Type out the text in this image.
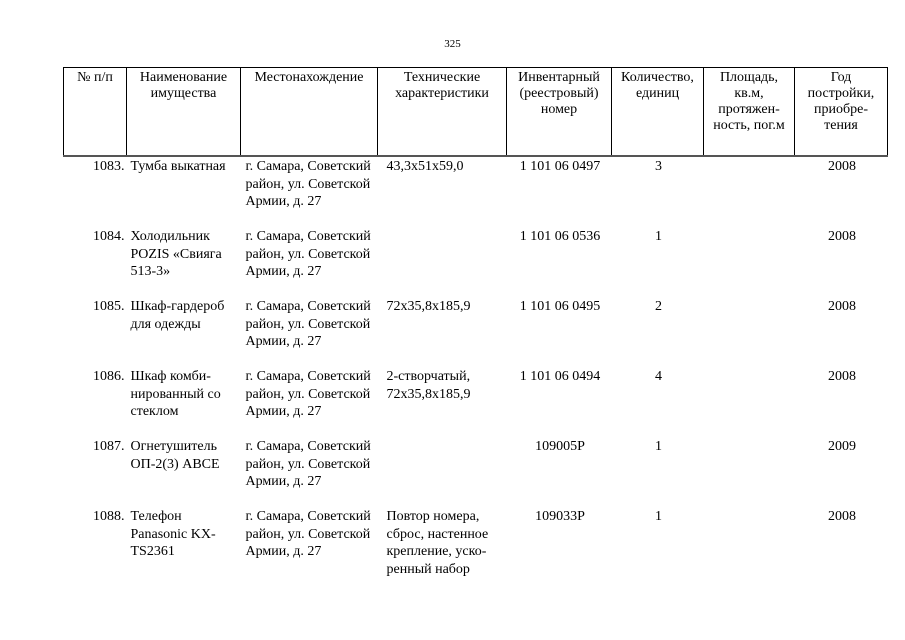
325
№ п/п	Наименование имущества	Местонахождение	Технические характеристики	Инвентарный (реестровый) номер	Количество, единиц	Площадь, кв.м, протяжен-ность, пог.м	Год постройки, приобре-тения
1083.	Тумба выкатная	г. Самара, Советский район, ул. Советской Армии, д. 27	43,3х51х59,0	1 101 06 0497	3		2008
1084.	Холодильник POZIS «Свияга 513-3»	г. Самара, Советский район, ул. Советской Армии, д. 27		1 101 06 0536	1		2008
1085.	Шкаф-гардероб для одежды	г. Самара, Советский район, ул. Советской Армии, д. 27	72х35,8х185,9	1 101 06 0495	2		2008
1086.	Шкаф комби-нированный со стеклом	г. Самара, Советский район, ул. Советской Армии, д. 27	2-створчатый, 72х35,8х185,9	1 101 06 0494	4		2008
1087.	Огнетушитель ОП-2(3) АВСЕ	г. Самара, Советский район, ул. Советской Армии, д. 27		109005Р	1		2009
1088.	Телефон Panasonic KX-TS2361	г. Самара, Советский район, ул. Советской Армии, д. 27	Повтор номера, сброс, настенное крепление, уско-ренный набор	109033Р	1		2008
